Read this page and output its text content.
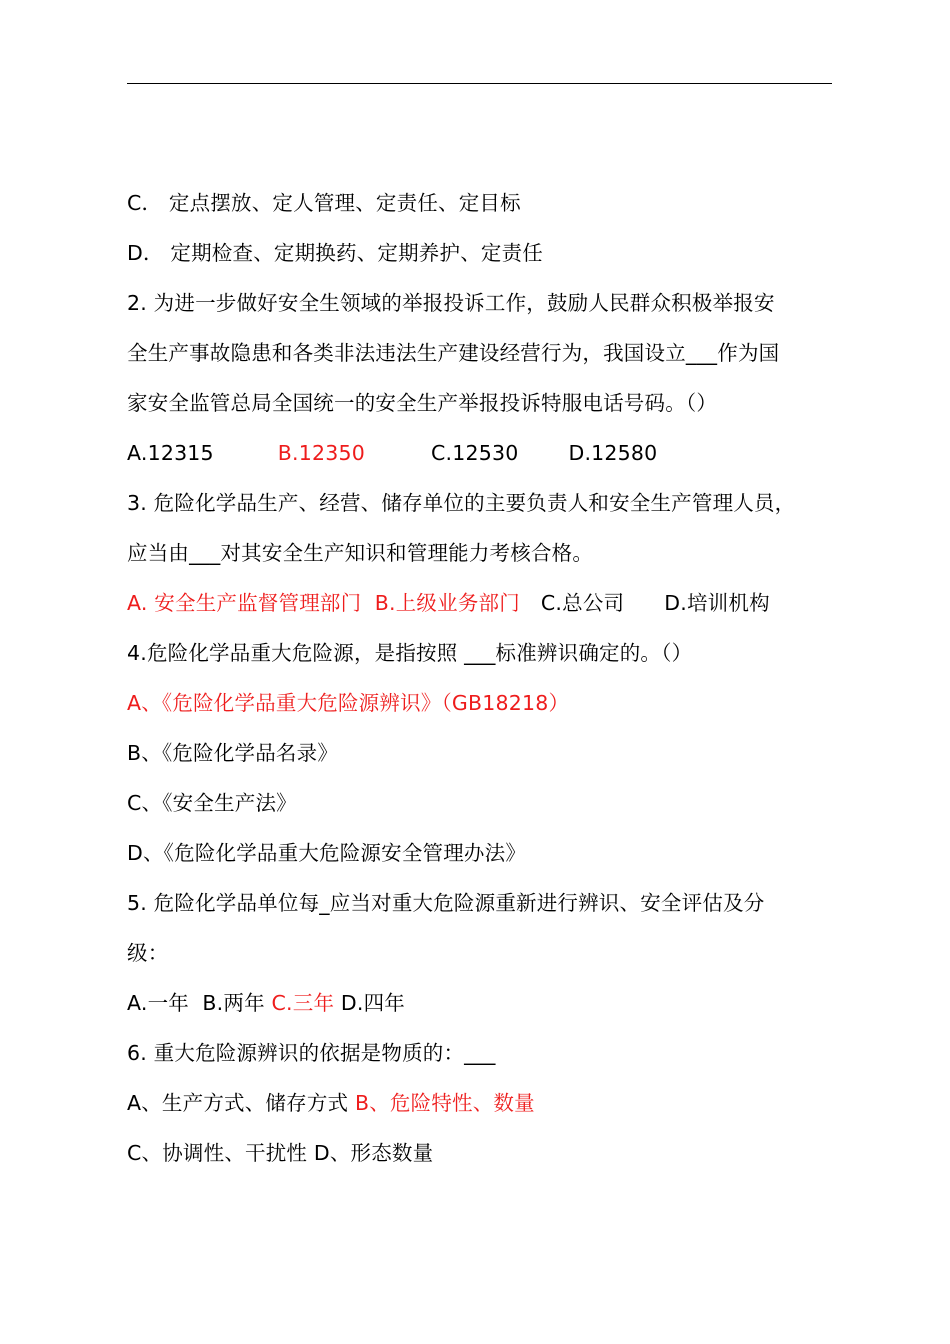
C． 定点摆放、定人管理、定责任、定目标
D． 定期检查、定期换药、定期养护、定责任
2. 为进一步做好安全生领域的举报投诉工作，鼓励人民群众积极举报安
全生产事故隐患和各类非法违法生产建设经营行为，我国设立___作为国
家安全监管总局全国统一的安全生产举报投诉特服电话号码。（）
A.12315	B.12350	C.12530 D.12580
3. 危险化学品生产、经营、储存单位的主要负责人和安全生产管理人员，
应当由___对其安全生产知识和管理能力考核合格。
A. 安全生产监督管理部门 B.上级业务部门 C.总公司 D.培训机构
4.危险化学品重大危险源，是指按照 ___标准辨识确定的。（）
A、《危险化学品重大危险源辨识》（GB18218）
B、《危险化学品名录》
C、《安全生产法》
D、《危险化学品重大危险源安全管理办法》
5. 危险化学品单位每_应当对重大危险源重新进行辨识、安全评估及分
级：
A.一年 B.两年 C.三年 D.四年
6. 重大危险源辨识的依据是物质的：___
A、生产方式、储存方式 B、危险特性、数量
C、协调性、干扰性 D、形态数量
